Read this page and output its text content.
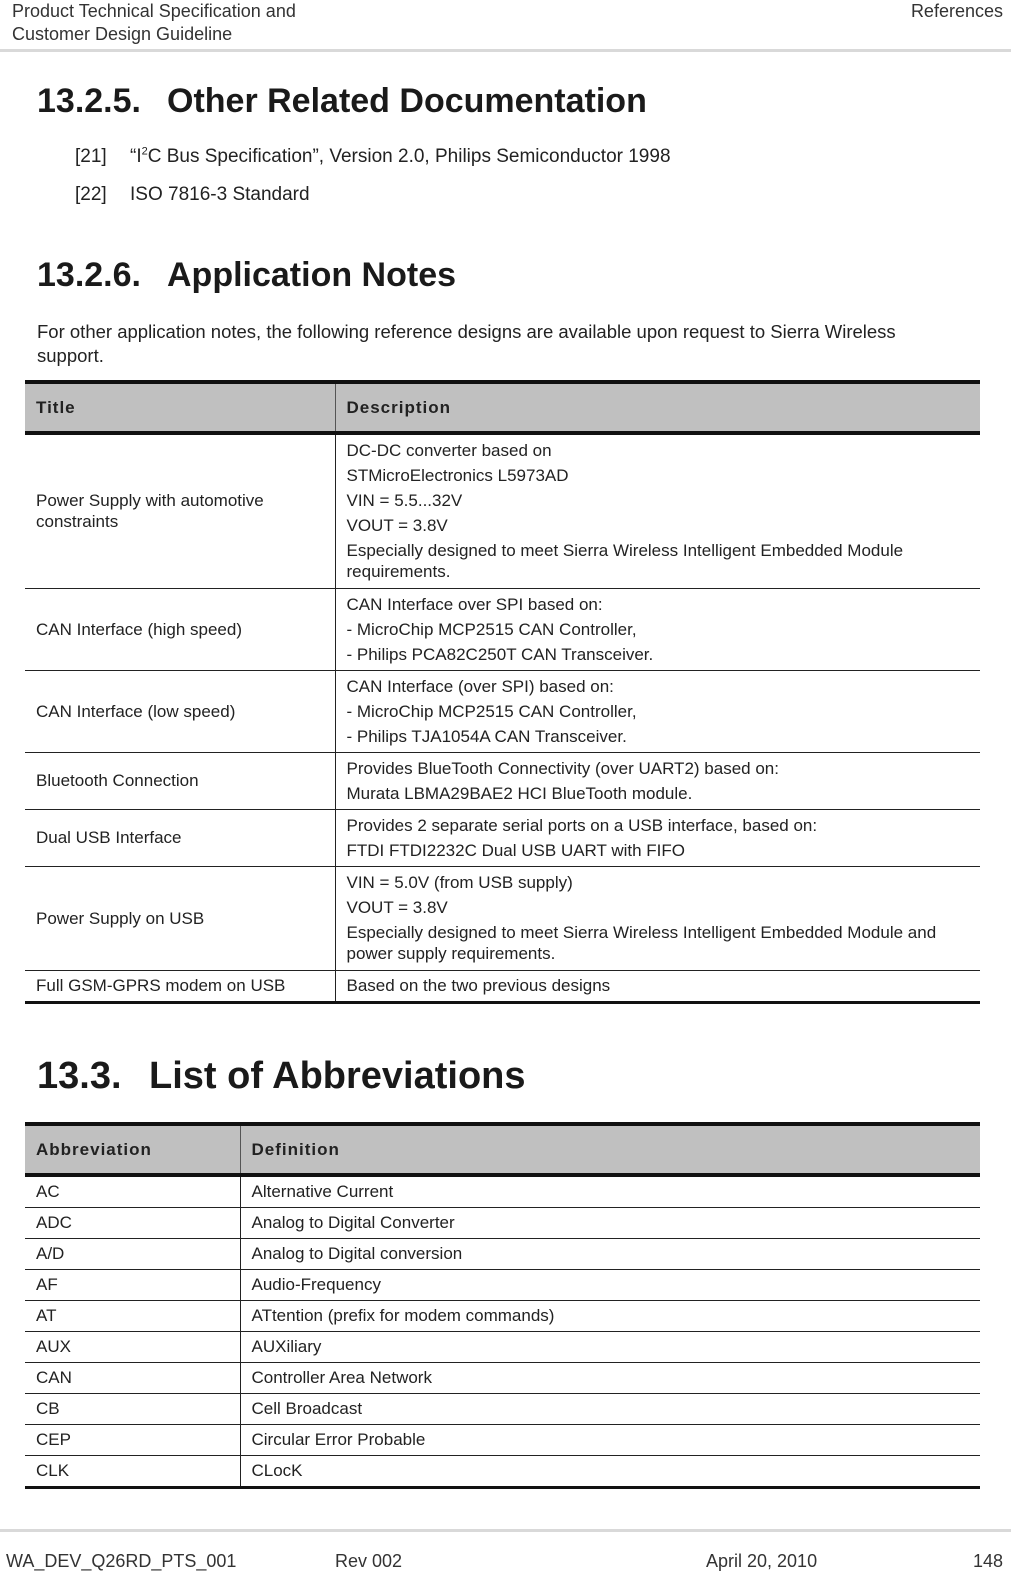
Product Technical Specification and
Customer Design Guideline
References
13.2.5. Other Related Documentation
[21] “$I^2C$ Bus Specification”, Version 2.0, Philips Semiconductor 1998
[22] ISO 7816-3 Standard
13.2.6. Application Notes
For other application notes, the following reference designs are available upon request to Sierra Wireless support.
Title	Description

Power Supply with automotive constraints	DC-DC converter based on

STMicroElectronics L5973AD

VIN = 5.5...32V

VOUT = 3.8V

Especially designed to meet Sierra Wireless Intelligent Embedded Module requirements.

CAN Interface (high speed)	CAN Interface over SPI based on:

- MicroChip MCP2515 CAN Controller,

- Philips PCA82C250T CAN Transceiver.

CAN Interface (low speed)	CAN Interface (over SPI) based on:

- MicroChip MCP2515 CAN Controller,

- Philips TJA1054A CAN Transceiver.

Bluetooth Connection	Provides BlueTooth Connectivity (over UART2) based on:

Murata LBMA29BAE2 HCI BlueTooth module.

Dual USB Interface	Provides 2 separate serial ports on a USB interface, based on:

FTDI FTDI2232C Dual USB UART with FIFO

Power Supply on USB	VIN = 5.0V (from USB supply)

VOUT = 3.8V

Especially designed to meet Sierra Wireless Intelligent Embedded Module and power supply requirements.

Full GSM-GPRS modem on USB	Based on the two previous designs

13.3. List of Abbreviations
Abbreviation	Definition
AC	Alternative Current
ADC	Analog to Digital Converter
A/D	Analog to Digital conversion
AF	Audio-Frequency
AT	ATtention (prefix for modem commands)
AUX	AUXiliary
CAN	Controller Area Network
CB	Cell Broadcast
CEP	Circular Error Probable
CLK	CLocK
WA_DEV_Q26RD_PTS_001	Rev 002	April 20, 2010	148
